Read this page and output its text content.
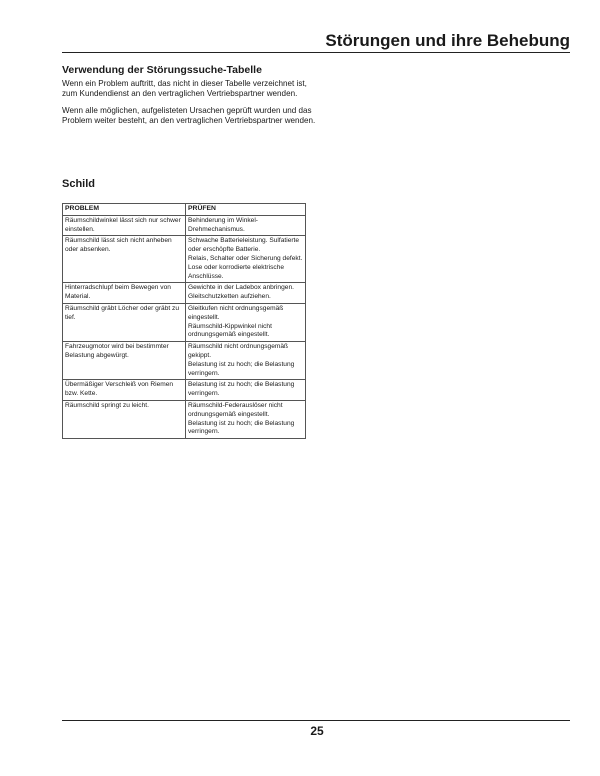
Störungen und ihre Behebung
Verwendung der Störungssuche-Tabelle

Wenn ein Problem auftritt, das nicht in dieser Tabelle verzeichnet ist, zum Kundendienst an den vertraglichen Vertriebspartner wenden.

Wenn alle möglichen, aufgelisteten Ursachen geprüft wurden und das Problem weiter besteht, an den vertraglichen Vertriebspartner wenden.

Schild
PROBLEM	PRÜFEN
Räumschildwinkel lässt sich nur schwer einstellen.	Behinderung im Winkel-Drehmechanismus.

Räumschild lässt sich nicht anheben oder absenken.	Schwache Batterieleistung. Sulfatierte oder erschöpfte Batterie.
Relais, Schalter oder Sicherung defekt.
Lose oder korrodierte elektrische Anschlüsse.

Hinterradschlupf beim Bewegen von Material.	Gewichte in der Ladebox anbringen.
Gleitschutzketten aufziehen.

Räumschild gräbt Löcher oder gräbt zu tief.	Gleitkufen nicht ordnungsgemäß eingestellt.
Räumschild-Kippwinkel nicht ordnungsgemäß eingestellt.

Fahrzeugmotor wird bei bestimmter Belastung abgewürgt.	Räumschild nicht ordnungsgemäß gekippt.
Belastung ist zu hoch; die Belastung verringern.

Übermäßiger Verschleiß von Riemen bzw. Kette.	Belastung ist zu hoch; die Belastung verringern.

Räumschild springt zu leicht.	Räumschild-Federauslöser nicht ordnungsgemäß eingestellt.
Belastung ist zu hoch; die Belastung verringern.
25
